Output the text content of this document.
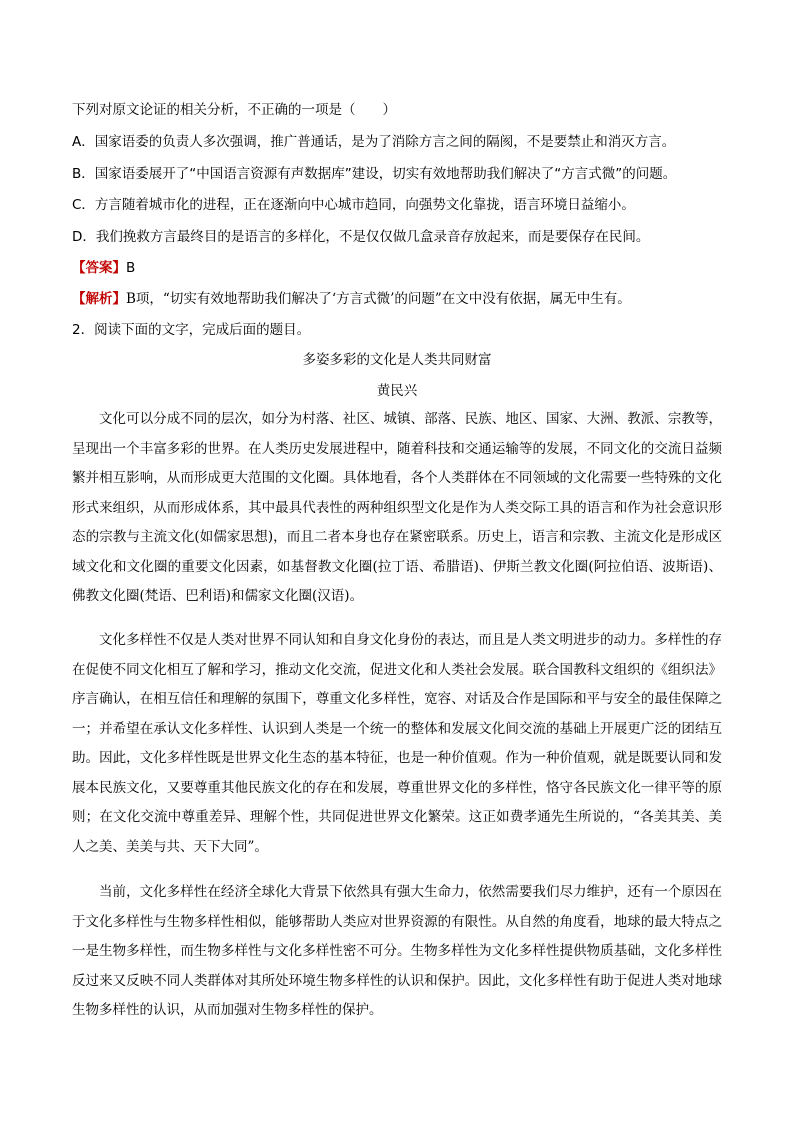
下列对原文论证的相关分析，不正确的一项是（　　）
A．国家语委的负责人多次强调，推广普通话，是为了消除方言之间的隔阂，不是要禁止和消灭方言。
B．国家语委展开了“中国语言资源有声数据库”建设，切实有效地帮助我们解决了“方言式微”的问题。
C．方言随着城市化的进程，正在逐渐向中心城市趋同，向强势文化靠拢，语言环境日益缩小。
D．我们挽救方言最终目的是语言的多样化，不是仅仅做几盒录音存放起来，而是要保存在民间。
【答案】B
【解析】B项，“切实有效地帮助我们解决了‘方言式微’的问题”在文中没有依据，属无中生有。
2．阅读下面的文字，完成后面的题目。
多姿多彩的文化是人类共同财富
黄民兴

文化可以分成不同的层次，如分为村落、社区、城镇、部落、民族、地区、国家、大洲、教派、宗教等，呈现出一个丰富多彩的世界。在人类历史发展进程中，随着科技和交通运输等的发展，不同文化的交流日益频繁并相互影响，从而形成更大范围的文化圈。具体地看，各个人类群体在不同领域的文化需要一些特殊的文化形式来组织，从而形成体系，其中最具代表性的两种组织型文化是作为人类交际工具的语言和作为社会意识形态的宗教与主流文化(如儒家思想)，而且二者本身也存在紧密联系。历史上，语言和宗教、主流文化是形成区域文化和文化圈的重要文化因素，如基督教文化圈(拉丁语、希腊语)、伊斯兰教文化圈(阿拉伯语、波斯语)、佛教文化圈(梵语、巴利语)和儒家文化圈(汉语)。

文化多样性不仅是人类对世界不同认知和自身文化身份的表达，而且是人类文明进步的动力。多样性的存在促使不同文化相互了解和学习，推动文化交流，促进文化和人类社会发展。联合国教科文组织的《组织法》序言确认，在相互信任和理解的氛围下，尊重文化多样性，宽容、对话及合作是国际和平与安全的最佳保障之一；并希望在承认文化多样性、认识到人类是一个统一的整体和发展文化间交流的基础上开展更广泛的团结互助。因此，文化多样性既是世界文化生态的基本特征，也是一种价值观。作为一种价值观，就是既要认同和发展本民族文化，又要尊重其他民族文化的存在和发展，尊重世界文化的多样性，恪守各民族文化一律平等的原则；在文化交流中尊重差异、理解个性，共同促进世界文化繁荣。这正如费孝通先生所说的，“各美其美、美人之美、美美与共、天下大同”。

当前，文化多样性在经济全球化大背景下依然具有强大生命力，依然需要我们尽力维护，还有一个原因在于文化多样性与生物多样性相似，能够帮助人类应对世界资源的有限性。从自然的角度看，地球的最大特点之一是生物多样性，而生物多样性与文化多样性密不可分。生物多样性为文化多样性提供物质基础，文化多样性反过来又反映不同人类群体对其所处环境生物多样性的认识和保护。因此，文化多样性有助于促进人类对地球生物多样性的认识，从而加强对生物多样性的保护。
